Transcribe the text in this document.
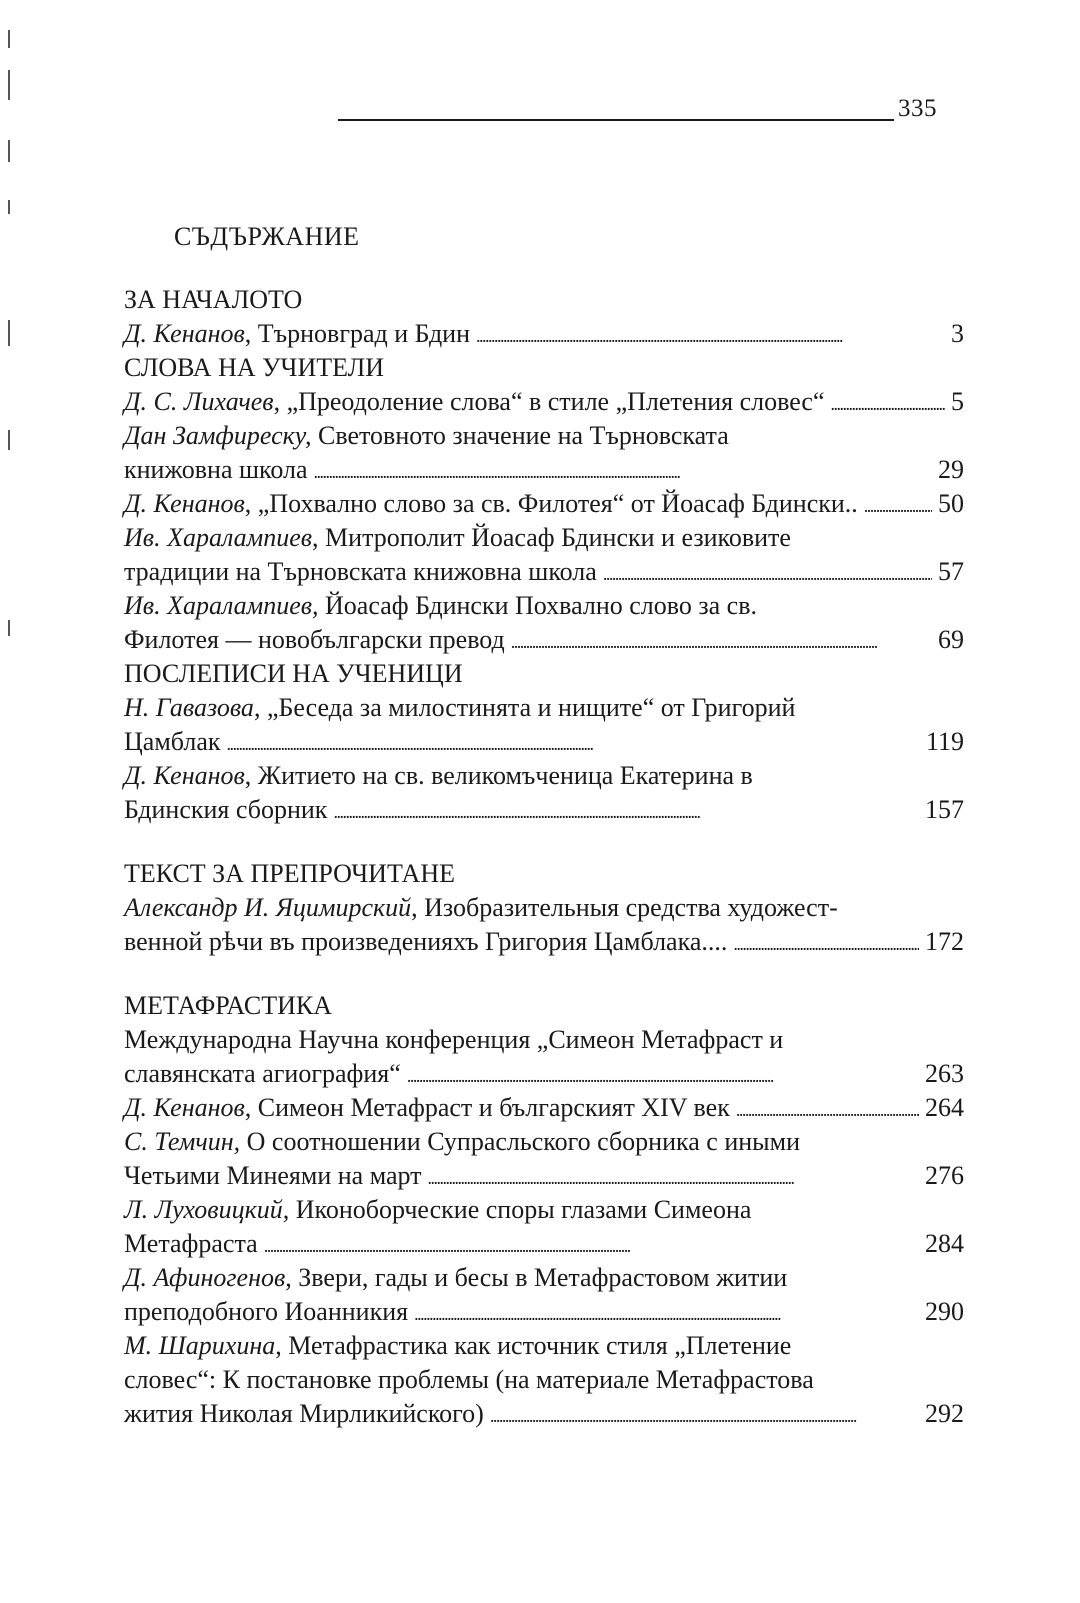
335
СЪДЪРЖАНИЕ
ЗА НАЧАЛОТО
Д. Кенанов, Търновград и Бдин . . .	3
СЛОВА НА УЧИТЕЛИ
Д. С. Лихачев, „Преодоление слова“ в стиле „Плетения словес“ . . .	5
Дан Замфиреску, Световното значение на Търновската
книжовна школа . . .	29
Д. Кенанов, „Похвално слово за св. Филотея“ от Йоасаф Бдински.. . . .	50
Ив. Харалампиев, Митрополит Йоасаф Бдински и езиковите
традиции на Търновската книжовна школа . . .	57
Ив. Харалампиев, Йоасаф Бдински Похвално слово за св.
Филотея — новобългарски превод . . .	69
ПОСЛЕПИСИ НА УЧЕНИЦИ
Н. Гавазова, „Беседа за милостинята и нищите“ от Григорий
Цамблак . . .	119
Д. Кенанов, Житието на св. великомъченица Екатерина в
Бдинския сборник . . .	157
ТЕКСТ ЗА ПРЕПРОЧИТАНЕ
Александр И. Яцимирский, Изобразительныя средства художест-
венной рѣчи въ произведенияхъ Григория Цамблака.... . . .	172
МЕТАФРАСТИКА
Международна Научна конференция „Симеон Метафраст и
славянската агиография“ . . .	263
Д. Кенанов, Симеон Метафраст и българският XIV век . . .	264
С. Темчин, О соотношении Супрасльского сборника с иными
Четьими Минеями на март . . .	276
Л. Луховицкий, Иконоборческие споры глазами Симеона
Метафраста . . .	284
Д. Афиногенов, Звери, гады и бесы в Метафрастовом житии
преподобного Иоанникия . . .	290
М. Шарихина, Метафрастика как источник стиля „Плетение
словес“: К постановке проблемы (на материале Метафрастова
жития Николая Мирликийского) . . .	292
